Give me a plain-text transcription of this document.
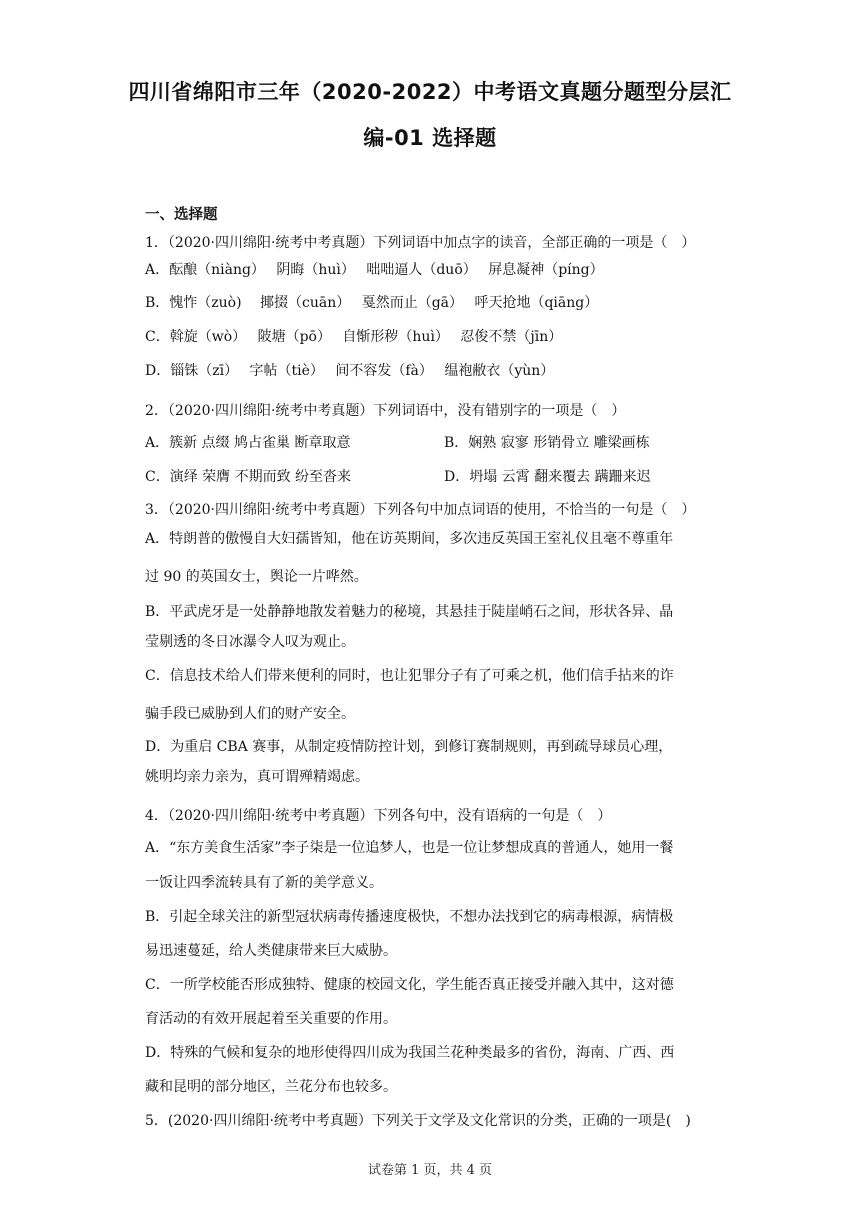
四川省绵阳市三年（2020-2022）中考语文真题分题型分层汇
编-01 选择题
一、选择题
1．（2020·四川绵阳·统考中考真题）下列词语中加点字的读音，全部正确的一项是（　）
A．酝酿（niàng）　 阴晦（huì）　 咄咄逼人（duō）　 屏息凝神（píng）
B．愧怍（zuò)　 揶掇（cuān）　 戛然而止（gā）　 呼天抢地（qiāng）
C．斡旋（wò）　 陂塘（pō）　 自惭形秽（huì）　 忍俊不禁（jīn）
D．锱铢（zī）　 字帖（tiè）　 间不容发（fà）　 缊袍敝衣（yùn）
2．（2020·四川绵阳·统考中考真题）下列词语中，没有错别字的一项是（　）
A．簇新 点缀 鸠占雀巢 断章取意	B．娴熟 寂寥 形销骨立 雕梁画栋
C．演绎 荣膺 不期而致 纷至沓来	D．坍塌 云霄 翻来覆去 蹒跚来迟
3．（2020·四川绵阳·统考中考真题）下列各句中加点词语的使用，不恰当的一句是（　）
A．特朗普的傲慢自大妇孺皆知，他在访英期间，多次违反英国王室礼仪且毫不尊重年
过 90 的英国女士，舆论一片哗然。
B．平武虎牙是一处静静地散发着魅力的秘境，其悬挂于陡崖峭石之间，形状各异、晶
莹剔透的冬日冰瀑令人叹为观止。
C．信息技术给人们带来便利的同时，也让犯罪分子有了可乘之机，他们信手拈来的诈
骗手段已威胁到人们的财产安全。
D．为重启 CBA 赛事，从制定疫情防控计划，到修订赛制规则，再到疏导球员心理，
姚明均亲力亲为，真可谓殚精竭虑。
4．（2020·四川绵阳·统考中考真题）下列各句中，没有语病的一句是（　）
A．“东方美食生活家”李子柒是一位追梦人，也是一位让梦想成真的普通人，她用一餐
一饭让四季流转具有了新的美学意义。
B．引起全球关注的新型冠状病毒传播速度极快，不想办法找到它的病毒根源，病情极
易迅速蔓延，给人类健康带来巨大威胁。
C．一所学校能否形成独特、健康的校园文化，学生能否真正接受并融入其中，这对德
育活动的有效开展起着至关重要的作用。
D．特殊的气候和复杂的地形使得四川成为我国兰花种类最多的省份，海南、广西、西
藏和昆明的部分地区，兰花分布也较多。
5．(2020·四川绵阳·统考中考真题）下列关于文学及文化常识的分类，正确的一项是(　)
试卷第 1 页，共 4 页
